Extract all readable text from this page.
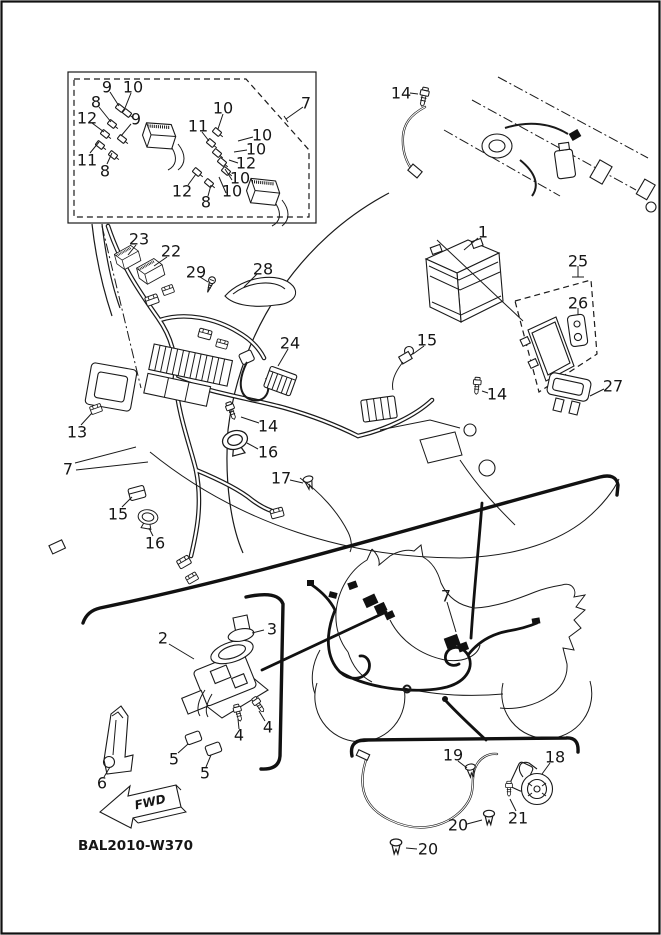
9 10
8
12 9
11
8
10
11	10
10
12
10
10
12
8
7
14
1
23
22
29	28
24
13
7
14
16
17
15
16
15
14
25
26
27
7
2	3
4
4
5
5
6
FWD
BAL2010-W370
19	18
21
20
20
